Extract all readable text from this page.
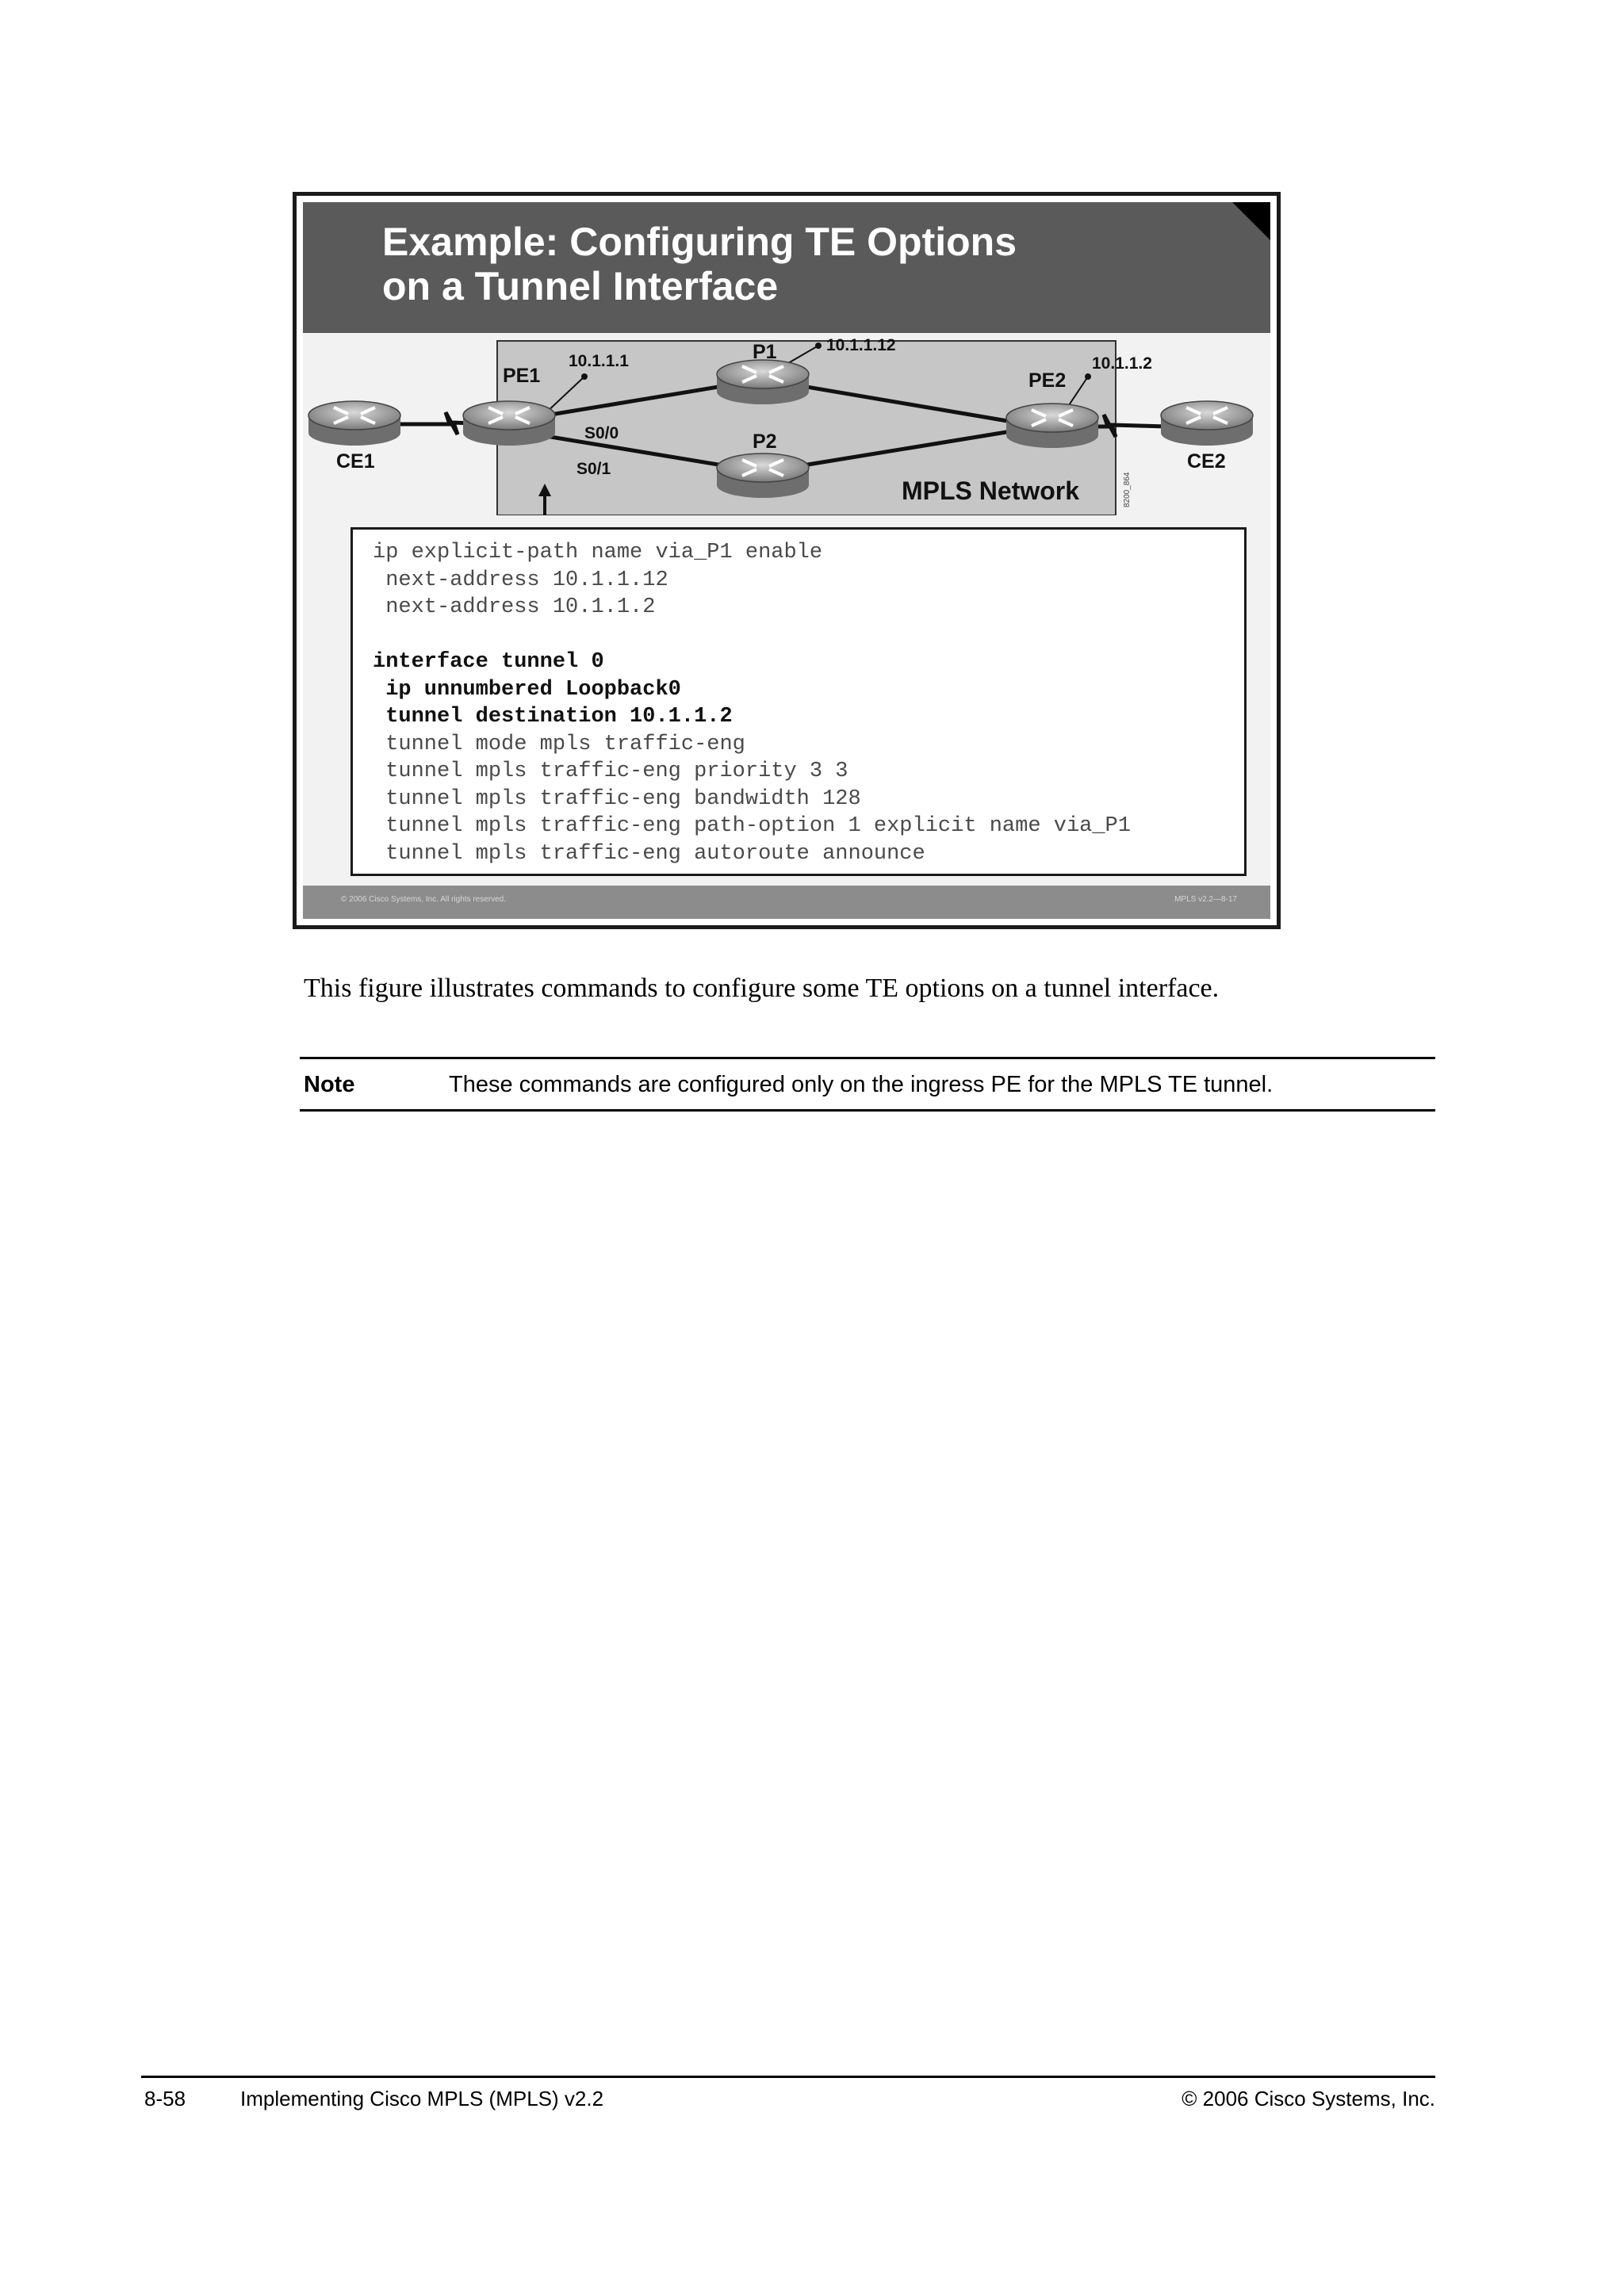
Example: Configuring TE Options
on a Tunnel Interface
CE1
PE1
P1
P2
PE2
CE2
10.1.1.1
10.1.1.12
10.1.1.2
S0/0
S0/1
MPLS Network	8200_864
ip explicit-path name via_P1 enable
next-address 10.1.1.12
next-address 10.1.1.2

interface tunnel 0
ip unnumbered Loopback0
tunnel destination 10.1.1.2
tunnel mode mpls traffic-eng
tunnel mpls traffic-eng priority 3 3
tunnel mpls traffic-eng bandwidth 128
tunnel mpls traffic-eng path-option 1 explicit name via_P1
tunnel mpls traffic-eng autoroute announce
© 2006 Cisco Systems, Inc. All rights reserved.	MPLS v2.2—8-17

This figure illustrates commands to configure some TE options on a tunnel interface.

Note	These commands are configured only on the ingress PE for the MPLS TE tunnel.
8-58	Implementing Cisco MPLS (MPLS) v2.2	© 2006 Cisco Systems, Inc.
